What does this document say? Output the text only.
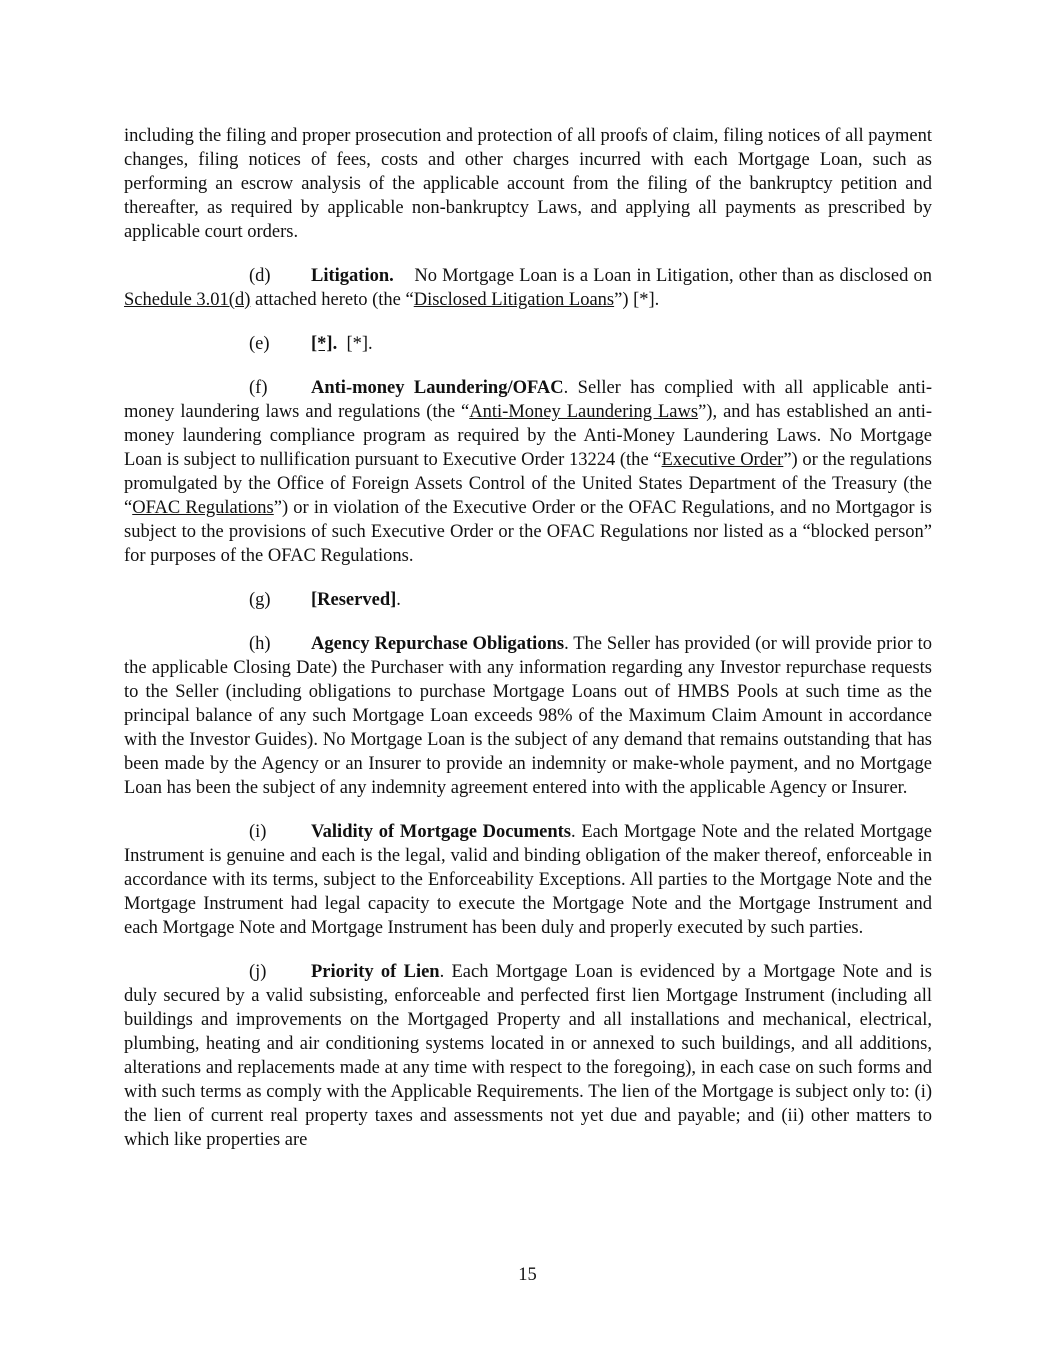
including the filing and proper prosecution and protection of all proofs of claim, filing notices of all payment changes, filing notices of fees, costs and other charges incurred with each Mortgage Loan, such as performing an escrow analysis of the applicable account from the filing of the bankruptcy petition and thereafter, as required by applicable non-bankruptcy Laws, and applying all payments as prescribed by applicable court orders.

(d) Litigation. No Mortgage Loan is a Loan in Litigation, other than as disclosed on Schedule 3.01(d) attached hereto (the “Disclosed Litigation Loans”) [*].

(e) [*]. [*].

(f) Anti-money Laundering/OFAC. Seller has complied with all applicable anti-money laundering laws and regulations (the “Anti-Money Laundering Laws”), and has established an anti-money laundering compliance program as required by the Anti-Money Laundering Laws. No Mortgage Loan is subject to nullification pursuant to Executive Order 13224 (the “Executive Order”) or the regulations promulgated by the Office of Foreign Assets Control of the United States Department of the Treasury (the “OFAC Regulations”) or in violation of the Executive Order or the OFAC Regulations, and no Mortgagor is subject to the provisions of such Executive Order or the OFAC Regulations nor listed as a “blocked person” for purposes of the OFAC Regulations.

(g) [Reserved].

(h) Agency Repurchase Obligations. The Seller has provided (or will provide prior to the applicable Closing Date) the Purchaser with any information regarding any Investor repurchase requests to the Seller (including obligations to purchase Mortgage Loans out of HMBS Pools at such time as the principal balance of any such Mortgage Loan exceeds 98% of the Maximum Claim Amount in accordance with the Investor Guides). No Mortgage Loan is the subject of any demand that remains outstanding that has been made by the Agency or an Insurer to provide an indemnity or make-whole payment, and no Mortgage Loan has been the subject of any indemnity agreement entered into with the applicable Agency or Insurer.

(i) Validity of Mortgage Documents. Each Mortgage Note and the related Mortgage Instrument is genuine and each is the legal, valid and binding obligation of the maker thereof, enforceable in accordance with its terms, subject to the Enforceability Exceptions. All parties to the Mortgage Note and the Mortgage Instrument had legal capacity to execute the Mortgage Note and the Mortgage Instrument and each Mortgage Note and Mortgage Instrument has been duly and properly executed by such parties.

(j) Priority of Lien. Each Mortgage Loan is evidenced by a Mortgage Note and is duly secured by a valid subsisting, enforceable and perfected first lien Mortgage Instrument (including all buildings and improvements on the Mortgaged Property and all installations and mechanical, electrical, plumbing, heating and air conditioning systems located in or annexed to such buildings, and all additions, alterations and replacements made at any time with respect to the foregoing), in each case on such forms and with such terms as comply with the Applicable Requirements. The lien of the Mortgage is subject only to: (i) the lien of current real property taxes and assessments not yet due and payable; and (ii) other matters to which like properties are

15
